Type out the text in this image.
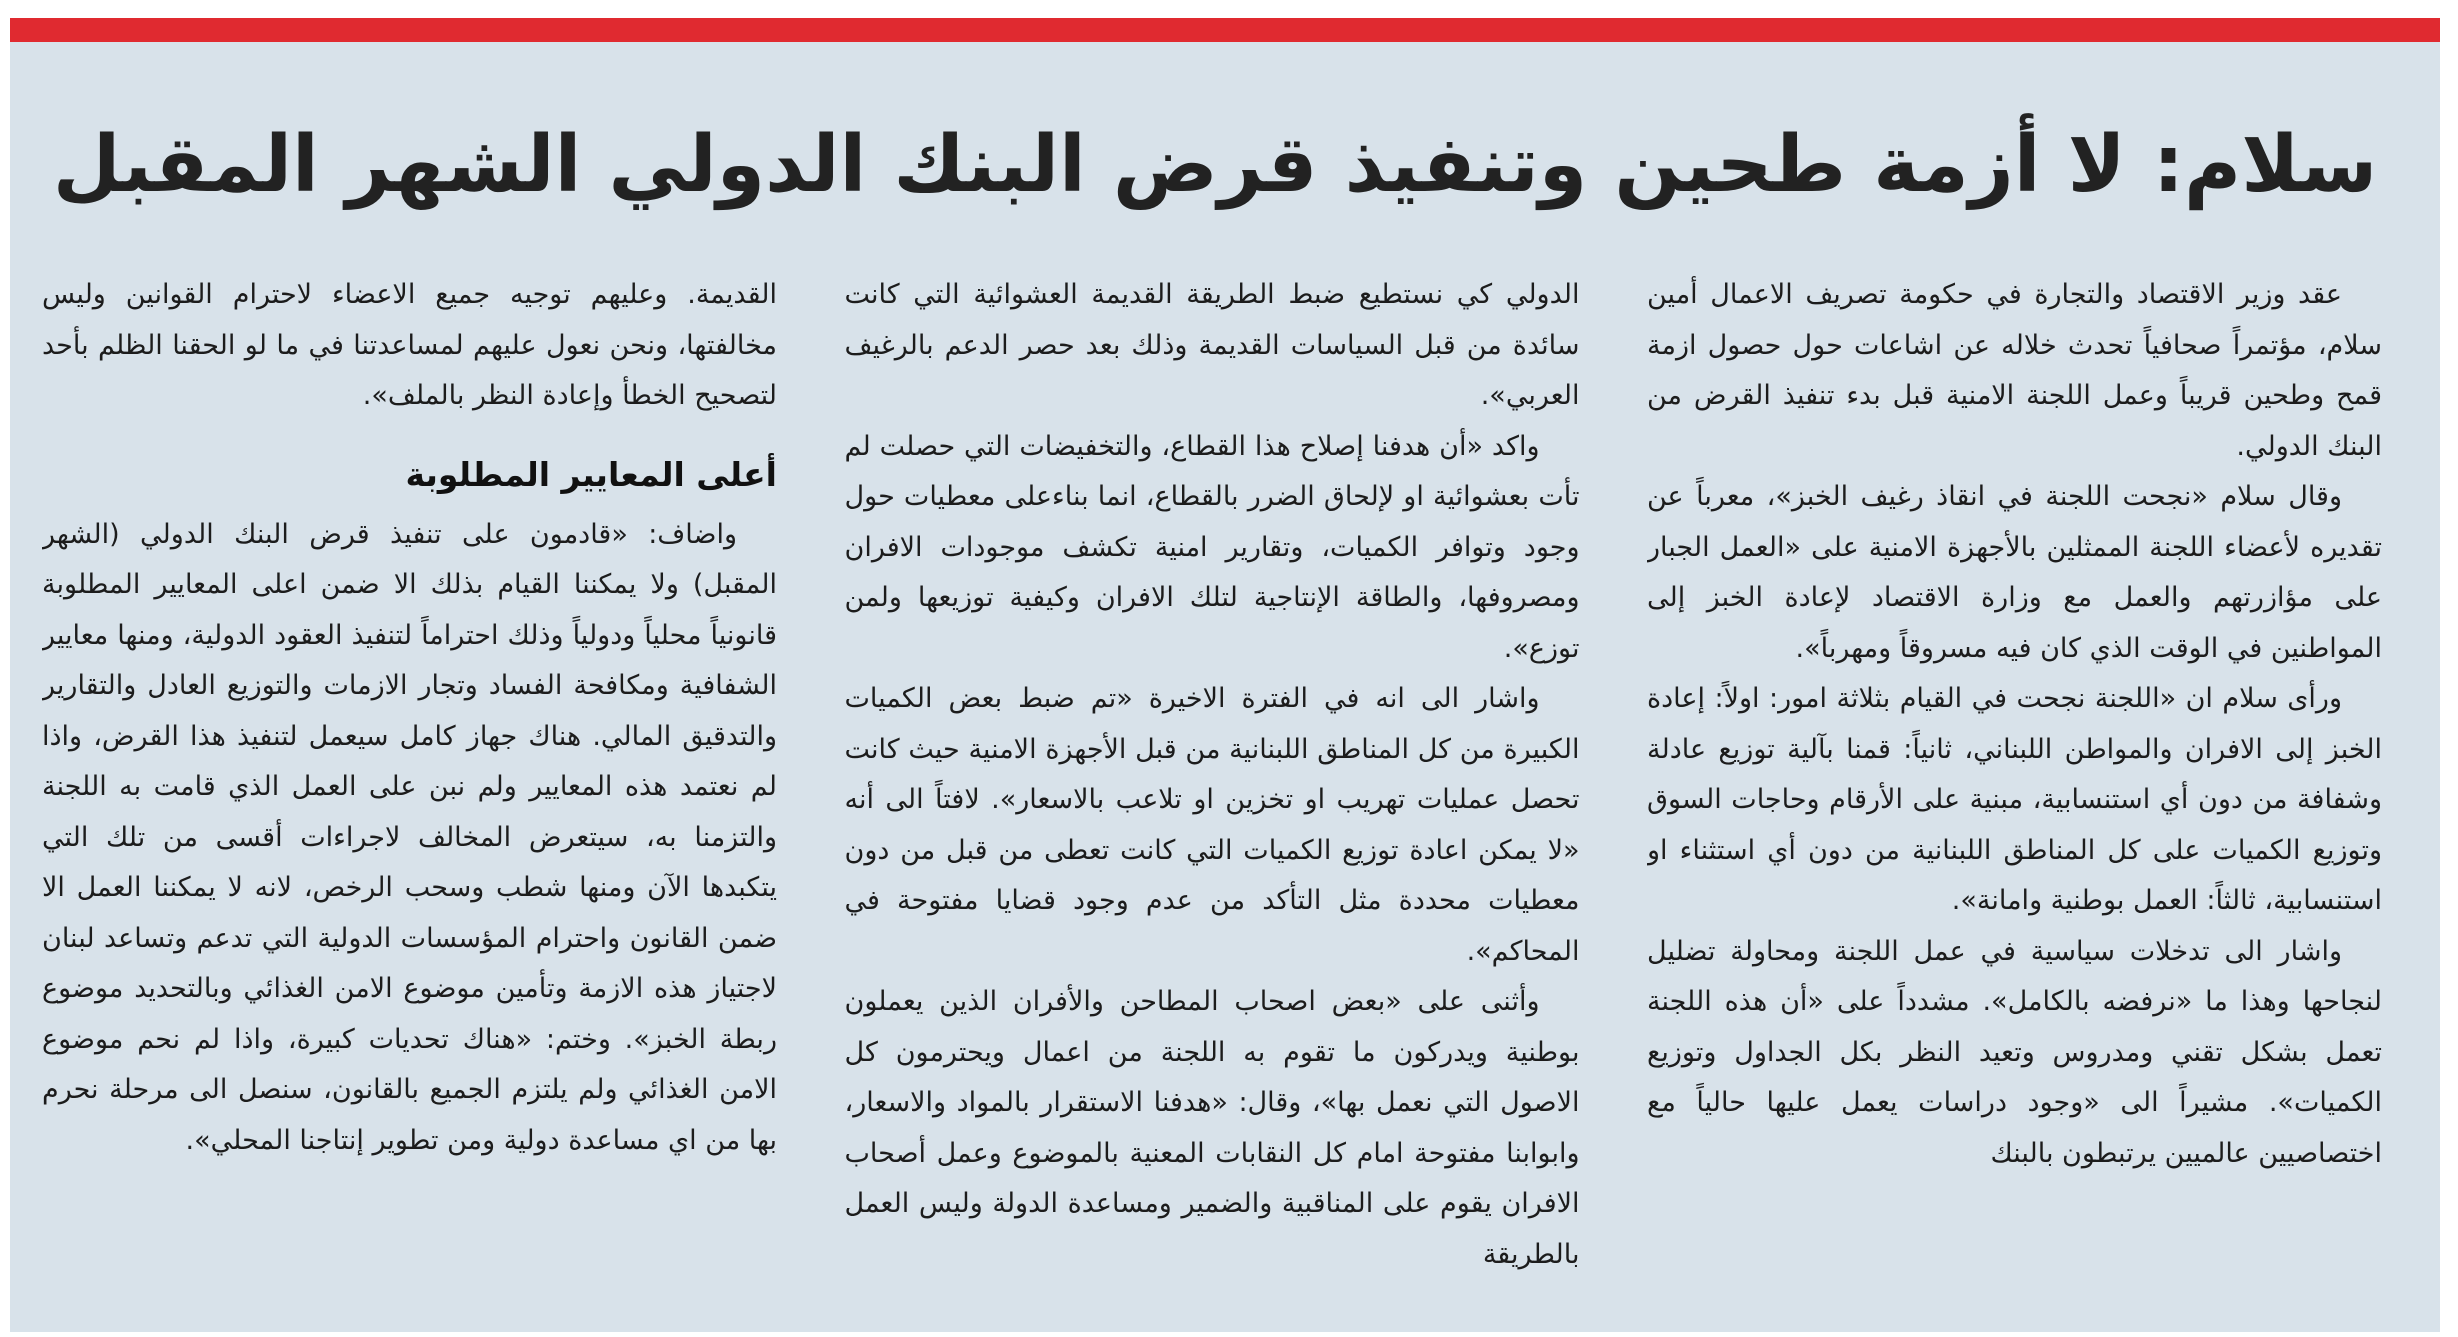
سلام: لا أزمة طحين وتنفيذ قرض البنك الدولي الشهر المقبل

عقد وزير الاقتصاد والتجارة في حكومة تصريف الاعمال أمين سلام، مؤتمراً صحافياً تحدث خلاله عن اشاعات حول حصول ازمة قمح وطحين قريباً وعمل اللجنة الامنية قبل بدء تنفيذ القرض من البنك الدولي.

وقال سلام «نجحت اللجنة في انقاذ رغيف الخبز»، معرباً عن تقديره لأعضاء اللجنة الممثلين بالأجهزة الامنية على «العمل الجبار على مؤازرتهم والعمل مع وزارة الاقتصاد لإعادة الخبز إلى المواطنين في الوقت الذي كان فيه مسروقاً ومهرباً».

ورأى سلام ان «اللجنة نجحت في القيام بثلاثة امور: اولاً: إعادة الخبز إلى الافران والمواطن اللبناني، ثانياً: قمنا بآلية توزيع عادلة وشفافة من دون أي استنسابية، مبنية على الأرقام وحاجات السوق وتوزيع الكميات على كل المناطق اللبنانية من دون أي استثناء او استنسابية، ثالثاً: العمل بوطنية وامانة».

واشار الى تدخلات سياسية في عمل اللجنة ومحاولة تضليل لنجاحها وهذا ما «نرفضه بالكامل». مشدداً على «أن هذه اللجنة تعمل بشكل تقني ومدروس وتعيد النظر بكل الجداول وتوزيع الكميات». مشيراً الى «وجود دراسات يعمل عليها حالياً مع اختصاصيين عالميين يرتبطون بالبنك

الدولي كي نستطيع ضبط الطريقة القديمة العشوائية التي كانت سائدة من قبل السياسات القديمة وذلك بعد حصر الدعم بالرغيف العربي».

واكد «أن هدفنا إصلاح هذا القطاع، والتخفيضات التي حصلت لم تأت بعشوائية او لإلحاق الضرر بالقطاع، انما بناءعلى معطيات حول وجود وتوافر الكميات، وتقارير امنية تكشف موجودات الافران ومصروفها، والطاقة الإنتاجية لتلك الافران وكيفية توزيعها ولمن توزع».

واشار الى انه في الفترة الاخيرة «تم ضبط بعض الكميات الكبيرة من كل المناطق اللبنانية من قبل الأجهزة الامنية حيث كانت تحصل عمليات تهريب او تخزين او تلاعب بالاسعار». لافتاً الى أنه «لا يمكن اعادة توزيع الكميات التي كانت تعطى من قبل من دون معطيات محددة مثل التأكد من عدم وجود قضايا مفتوحة في المحاكم».

وأثنى على «بعض اصحاب المطاحن والأفران الذين يعملون بوطنية ويدركون ما تقوم به اللجنة من اعمال ويحترمون كل الاصول التي نعمل بها»، وقال: «هدفنا الاستقرار بالمواد والاسعار، وابوابنا مفتوحة امام كل النقابات المعنية بالموضوع وعمل أصحاب الافران يقوم على المناقبية والضمير ومساعدة الدولة وليس العمل بالطريقة

القديمة. وعليهم توجيه جميع الاعضاء لاحترام القوانين وليس مخالفتها، ونحن نعول عليهم لمساعدتنا في ما لو الحقنا الظلم بأحد لتصحيح الخطأ وإعادة النظر بالملف».

أعلى المعايير المطلوبة

واضاف: «قادمون على تنفيذ قرض البنك الدولي (الشهر المقبل) ولا يمكننا القيام بذلك الا ضمن اعلى المعايير المطلوبة قانونياً محلياً ودولياً وذلك احتراماً لتنفيذ العقود الدولية، ومنها معايير الشفافية ومكافحة الفساد وتجار الازمات والتوزيع العادل والتقارير والتدقيق المالي. هناك جهاز كامل سيعمل لتنفيذ هذا القرض، واذا لم نعتمد هذه المعايير ولم نبن على العمل الذي قامت به اللجنة والتزمنا به، سيتعرض المخالف لاجراءات أقسى من تلك التي يتكبدها الآن ومنها شطب وسحب الرخص، لانه لا يمكننا العمل الا ضمن القانون واحترام المؤسسات الدولية التي تدعم وتساعد لبنان لاجتياز هذه الازمة وتأمين موضوع الامن الغذائي وبالتحديد موضوع ربطة الخبز». وختم: «هناك تحديات كبيرة، واذا لم نحم موضوع الامن الغذائي ولم يلتزم الجميع بالقانون، سنصل الى مرحلة نحرم بها من اي مساعدة دولية ومن تطوير إنتاجنا المحلي».
